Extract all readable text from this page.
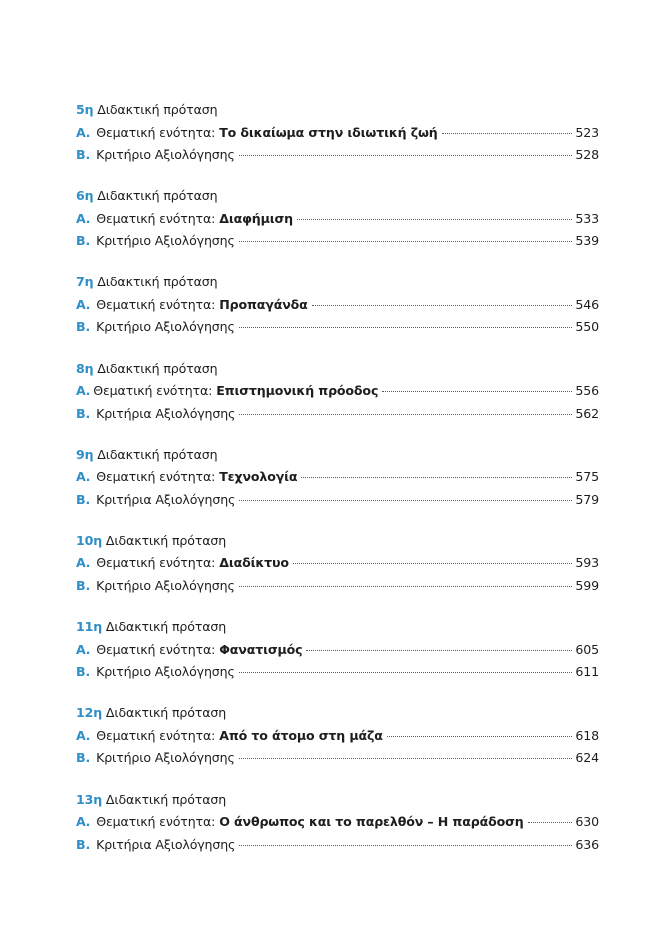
5η
Διδακτική πρόταση
Α. Θεματική ενότητα: Το δικαίωμα στην ιδιωτική ζωή	523
Β. Κριτήριο Αξιολόγησης	528
6η
Διδακτική πρόταση
Α. Θεματική ενότητα: Διαφήμιση	533
Β. Κριτήριο Αξιολόγησης	539
7η
Διδακτική πρόταση
Α. Θεματική ενότητα: Προπαγάνδα	546
Β. Κριτήριο Αξιολόγησης	550
8η
Διδακτική πρόταση
Α. Θεματική ενότητα: Επιστημονική πρόοδος	556
Β. Κριτήρια Αξιολόγησης	562
9η
Διδακτική πρόταση
Α. Θεματική ενότητα: Τεχνολογία	575
Β. Κριτήρια Αξιολόγησης	579
10η
Διδακτική πρόταση
Α. Θεματική ενότητα: Διαδίκτυο	593
Β. Κριτήριο Αξιολόγησης	599
11η
Διδακτική πρόταση
Α. Θεματική ενότητα: Φανατισμός	605
Β. Κριτήριο Αξιολόγησης	611
12η
Διδακτική πρόταση
Α. Θεματική ενότητα: Από το άτομο στη μάζα	618
Β. Κριτήριο Αξιολόγησης	624
13η
Διδακτική πρόταση
Α. Θεματική ενότητα: Ο άνθρωπος και το παρελθόν – Η παράδοση	630
Β. Κριτήρια Αξιολόγησης	636
